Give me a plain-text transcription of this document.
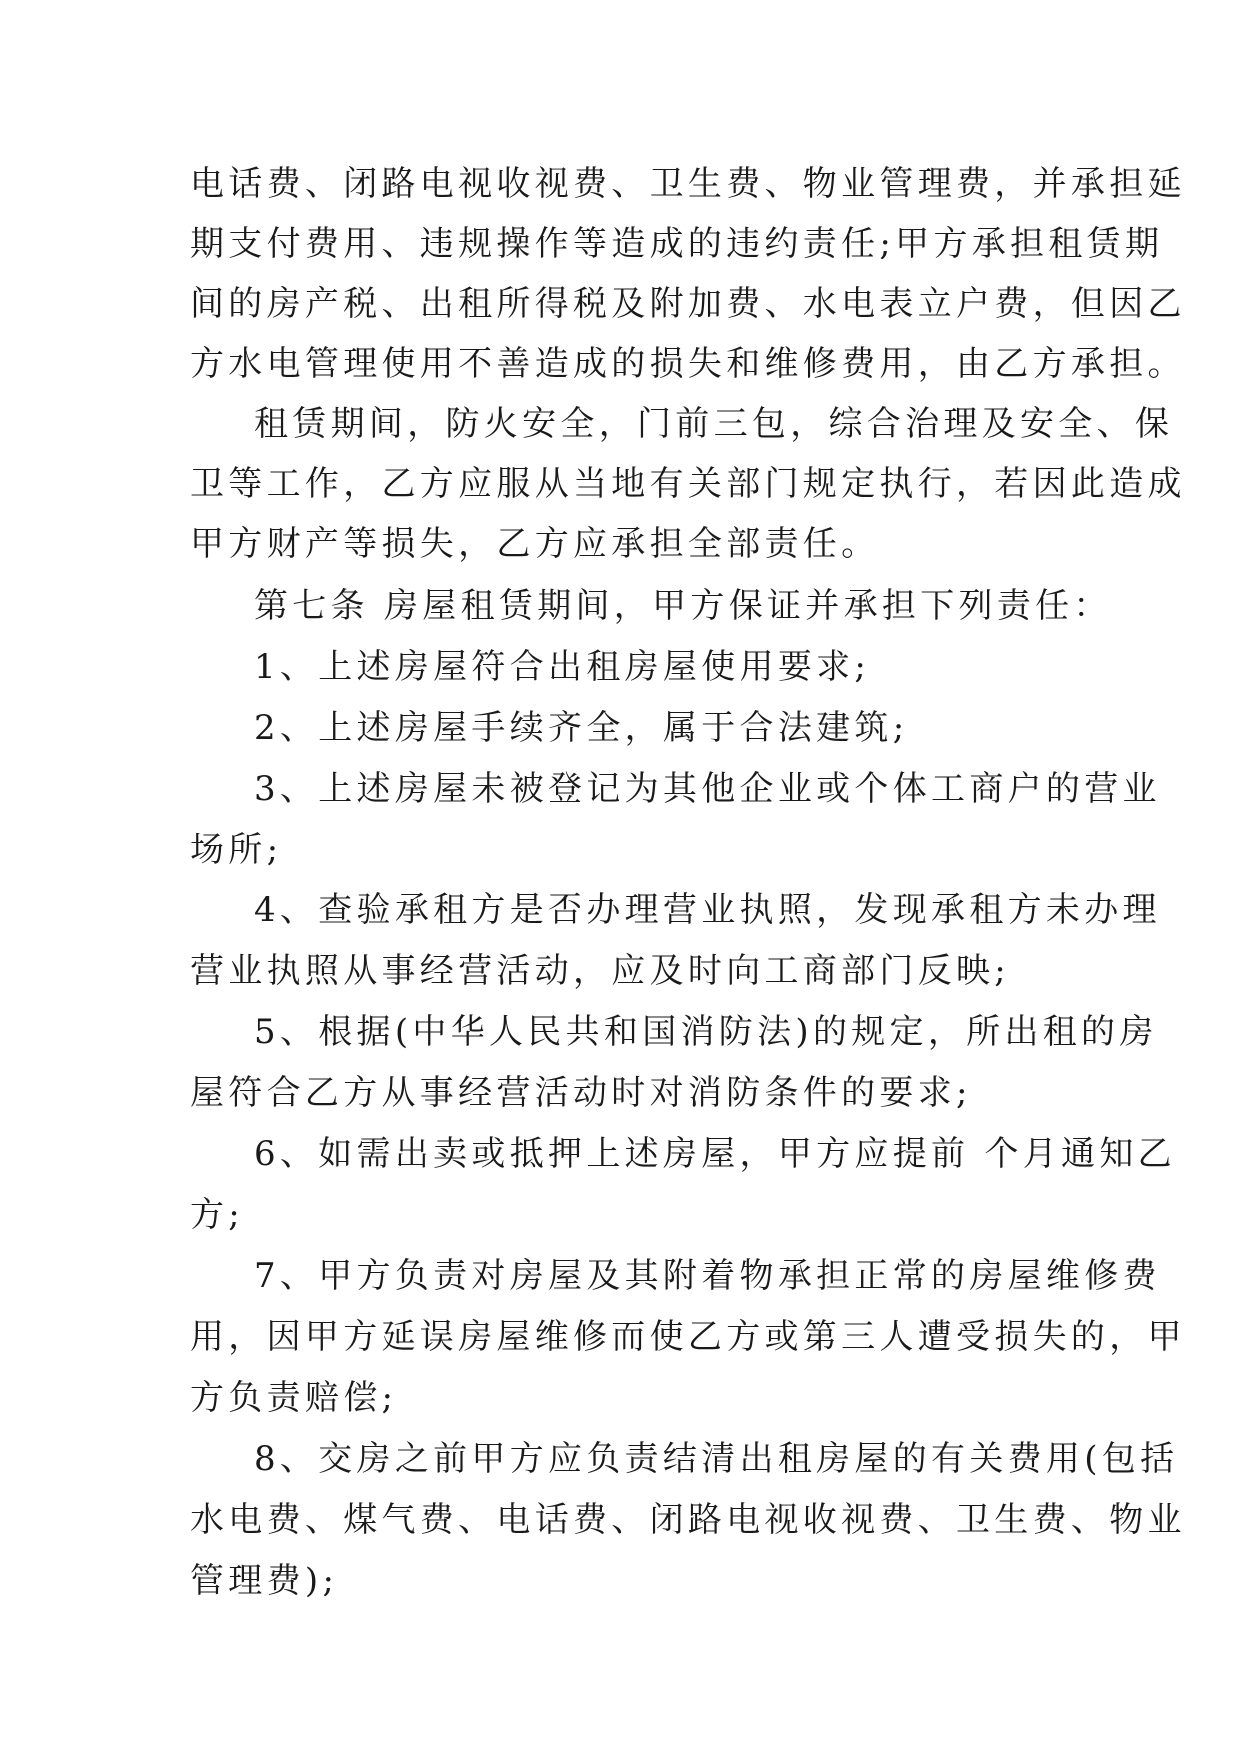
电话费、闭路电视收视费、卫生费、物业管理费，并承担延
期支付费用、违规操作等造成的违约责任;甲方承担租赁期
间的房产税、出租所得税及附加费、水电表立户费，但因乙
方水电管理使用不善造成的损失和维修费用，由乙方承担。
租赁期间，防火安全，门前三包，综合治理及安全、保
卫等工作，乙方应服从当地有关部门规定执行，若因此造成
甲方财产等损失，乙方应承担全部责任。
第七条 房屋租赁期间，甲方保证并承担下列责任：
1、上述房屋符合出租房屋使用要求;
2、上述房屋手续齐全，属于合法建筑;
3、上述房屋未被登记为其他企业或个体工商户的营业
场所;
4、查验承租方是否办理营业执照，发现承租方未办理
营业执照从事经营活动，应及时向工商部门反映;
5、根据(中华人民共和国消防法)的规定，所出租的房
屋符合乙方从事经营活动时对消防条件的要求;
6、如需出卖或抵押上述房屋，甲方应提前 个月通知乙
方;
7、甲方负责对房屋及其附着物承担正常的房屋维修费
用，因甲方延误房屋维修而使乙方或第三人遭受损失的，甲
方负责赔偿;
8、交房之前甲方应负责结清出租房屋的有关费用(包括
水电费、煤气费、电话费、闭路电视收视费、卫生费、物业
管理费);
